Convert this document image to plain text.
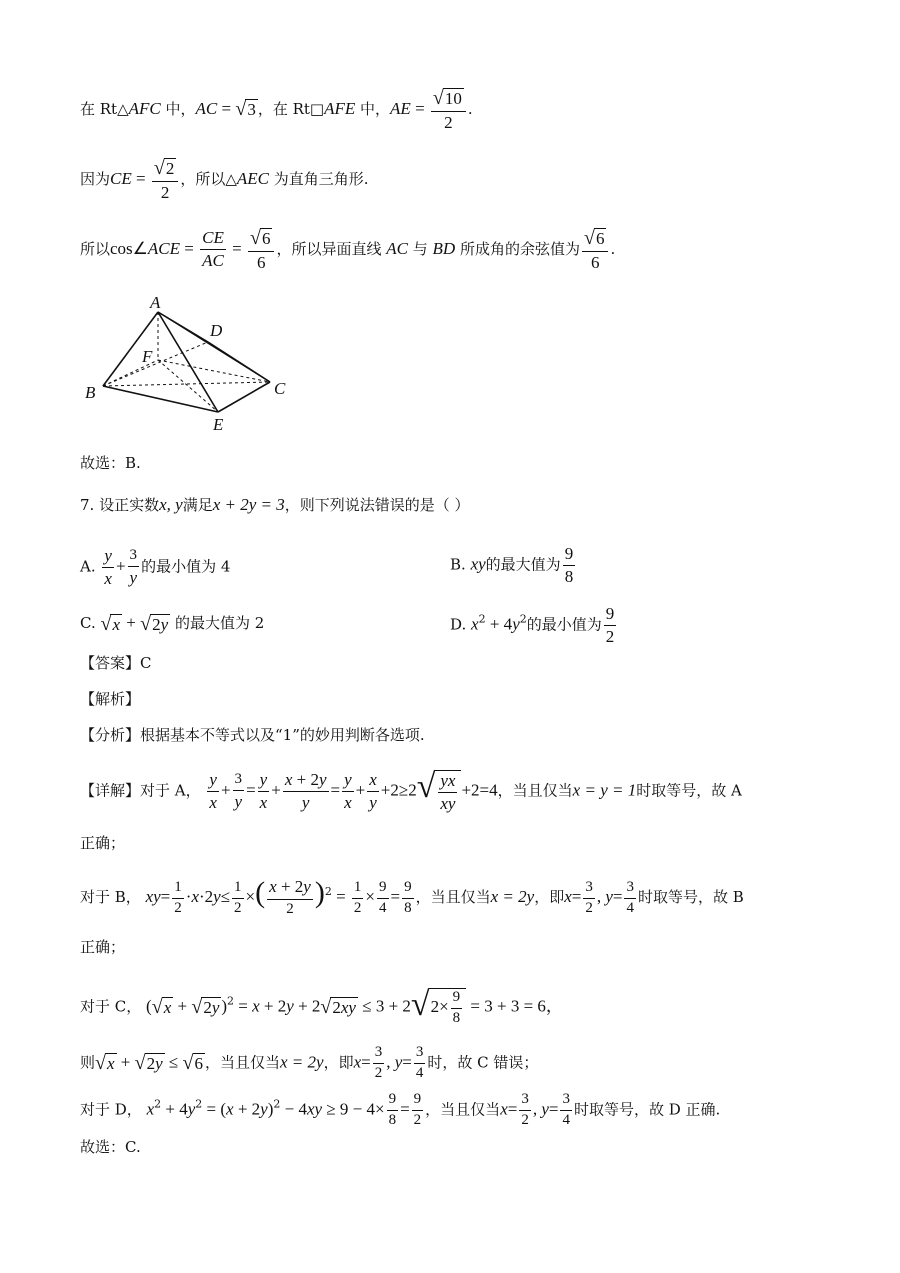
在 Rt△AFC 中，AC = √ 3 ，在 Rt□AFE 中，AE = $\frac{√ 10}{2}$ .
因为CE = $\frac{√ 2}{2}$ ，所以△AEC 为直角三角形.
所以cos∠ACE = $\frac{CE}{AC} = \frac{√ 6}{6}$ ，所以异面直线 AC 与 BD 所成角的余弦值为 $\frac{√ 6}{6}$ .
A
D
F
B	C
E
故选：B.
7. 设正实数x, y满足x + 2y = 3，则下列说法错误的是（ ）
A. $\frac{y}{x} + \frac{3}{y}$ 的最小值为 4	B. xy的最大值为 $\frac{9}{8}$
C. √ x + √ 2y 的最大值为 2	D. $x^2 + 4y^2$的最小值为 $\frac{9}{2}$
【答案】C
【解析】
【分析】根据基本不等式以及“1”的妙用判断各选项.
【详解】对于 A， $\frac{y}{x} + \frac{3}{y} = \frac{y}{x} + \frac{x + 2y}{y} = \frac{y}{x} + \frac{x}{y} +2\ge 2$ √ $\frac{yx}{xy} +2=4$，当且仅当x = y = 1时取等号，故 A
正确；
对于 B， $xy= \frac{1}{2} \cdot x\cdot 2y\le \frac{1}{2}$ ×( $\frac{x + 2y}{2} )^2 = \frac{1}{2} \times \frac{9}{4} = \frac{9}{8}$ ，当且仅当x = 2y，即$x= \frac{3}{2}$ , $y= \frac{3}{4}$ 时取等号，故 B
正确；
对于 C， ( √ x + √ 2y )$^2$ = x + 2y + 2 √ 2xy ≤ 3 + 2 √ $2\times \frac{9}{8} = 3 + 3 = 6$，
则 √ x + √ 2y ≤ √ 6 ，当且仅当x = 2y，即$x= \frac{3}{2}$ , $y= \frac{3}{4}$ 时，故 C 错误；
对于 D， $x^2 + 4y^2 = (x + 2y)^2 - 4xy \ge 9 - 4\times \frac{9}{8} = \frac{9}{2}$ ，当且仅当$x= \frac{3}{2}$ , $y= \frac{3}{4}$ 时取等号，故 D 正确.
故选：C.
